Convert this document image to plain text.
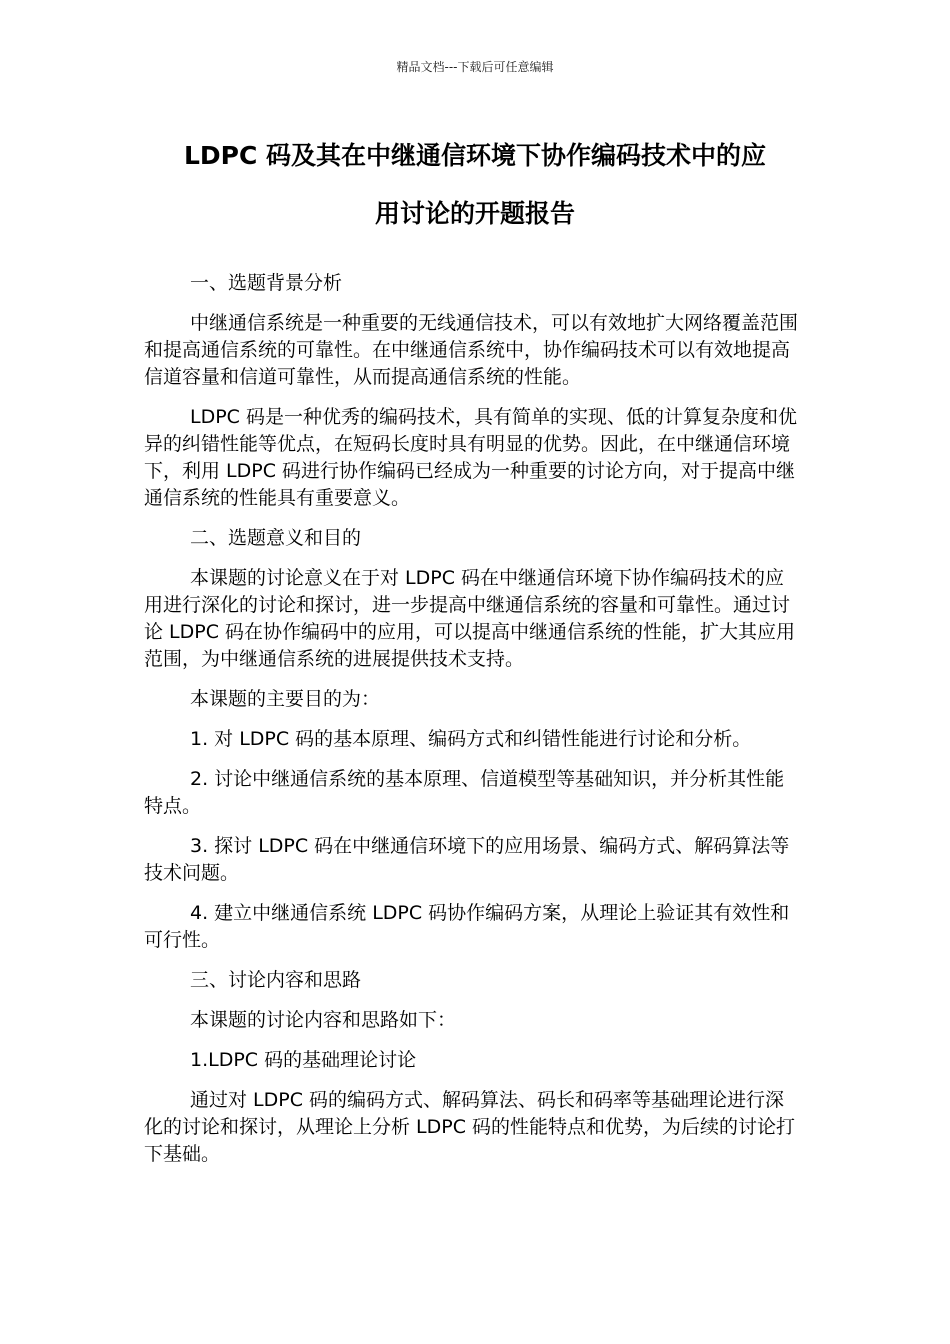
精品文档---下载后可任意编辑
LDPC 码及其在中继通信环境下协作编码技术中的应
用讨论的开题报告

一、选题背景分析

中继通信系统是一种重要的无线通信技术，可以有效地扩大网络覆盖范围和提高通信系统的可靠性。在中继通信系统中，协作编码技术可以有效地提高信道容量和信道可靠性，从而提高通信系统的性能。

LDPC 码是一种优秀的编码技术，具有简单的实现、低的计算复杂度和优异的纠错性能等优点，在短码长度时具有明显的优势。因此，在中继通信环境下，利用 LDPC 码进行协作编码已经成为一种重要的讨论方向，对于提高中继通信系统的性能具有重要意义。

二、选题意义和目的

本课题的讨论意义在于对 LDPC 码在中继通信环境下协作编码技术的应用进行深化的讨论和探讨，进一步提高中继通信系统的容量和可靠性。通过讨论 LDPC 码在协作编码中的应用，可以提高中继通信系统的性能，扩大其应用范围，为中继通信系统的进展提供技术支持。

本课题的主要目的为：

1. 对 LDPC 码的基本原理、编码方式和纠错性能进行讨论和分析。

2. 讨论中继通信系统的基本原理、信道模型等基础知识，并分析其性能特点。

3. 探讨 LDPC 码在中继通信环境下的应用场景、编码方式、解码算法等技术问题。

4. 建立中继通信系统 LDPC 码协作编码方案，从理论上验证其有效性和可行性。

三、讨论内容和思路

本课题的讨论内容和思路如下：

1.LDPC 码的基础理论讨论

通过对 LDPC 码的编码方式、解码算法、码长和码率等基础理论进行深化的讨论和探讨，从理论上分析 LDPC 码的性能特点和优势，为后续的讨论打下基础。
